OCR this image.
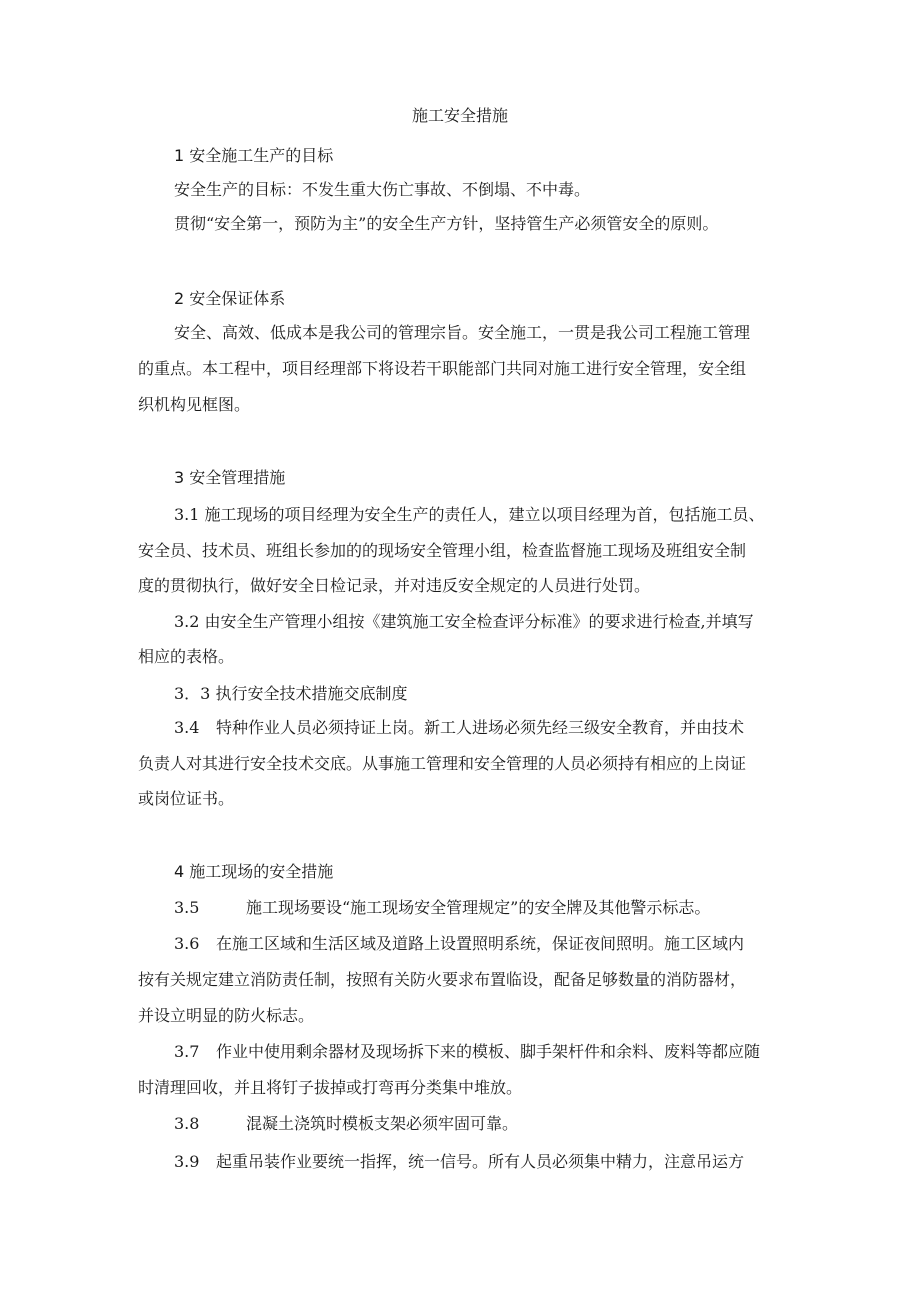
施工安全措施
1 安全施工生产的目标
安全生产的目标：不发生重大伤亡事故、不倒塌、不中毒。
贯彻“安全第一，预防为主”的安全生产方针，坚持管生产必须管安全的原则。
2 安全保证体系
安全、高效、低成本是我公司的管理宗旨。安全施工，一贯是我公司工程施工管理
的重点。本工程中，项目经理部下将设若干职能部门共同对施工进行安全管理，安全组
织机构见框图。
3 安全管理措施
3.1 施工现场的项目经理为安全生产的责任人，建立以项目经理为首，包括施工员、
安全员、技术员、班组长参加的的现场安全管理小组，检查监督施工现场及班组安全制
度的贯彻执行，做好安全日检记录，并对违反安全规定的人员进行处罚。
3.2 由安全生产管理小组按《建筑施工安全检查评分标准》的要求进行检查,并填写
相应的表格。
3．3 执行安全技术措施交底制度
3.4 特种作业人员必须持证上岗。新工人进场必须先经三级安全教育，并由技术
负责人对其进行安全技术交底。从事施工管理和安全管理的人员必须持有相应的上岗证
或岗位证书。
4 施工现场的安全措施
3.5	施工现场要设“施工现场安全管理规定”的安全牌及其他警示标志。
3.6 在施工区域和生活区域及道路上设置照明系统，保证夜间照明。施工区域内
按有关规定建立消防责任制，按照有关防火要求布置临设，配备足够数量的消防器材，
并设立明显的防火标志。
3.7 作业中使用剩余器材及现场拆下来的模板、脚手架杆件和余料、废料等都应随
时清理回收，并且将钉子拔掉或打弯再分类集中堆放。
3.8	混凝土浇筑时模板支架必须牢固可靠。
3.9 起重吊装作业要统一指挥，统一信号。所有人员必须集中精力，注意吊运方
